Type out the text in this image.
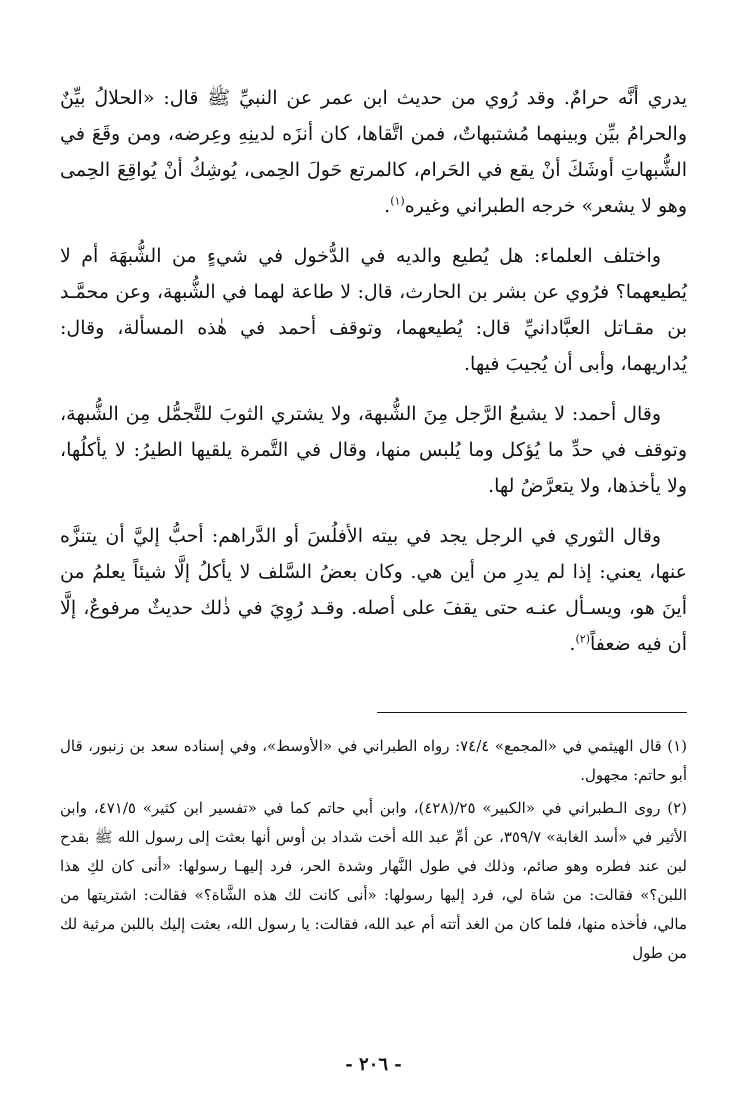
يدري أنَّه حرامٌ. وقد رُوي من حديث ابن عمر عن النبيِّ ﷺ قال: «الحلالُ بيِّنٌ والحرامُ بيِّن وبينهما مُشتبهاتٌ، فمن اتَّقاها، كان أنزَه لدينِهِ وعِرضه، ومن وقَعَ في الشُّبهاتِ أوشَكَ أنْ يقع في الحَرام، كالمرتع حَولَ الحِمى، يُوشِكُ أنْ يُواقِعَ الحِمى وهو لا يشعر» خرجه الطبراني وغيره$^{(١)}$.

واختلف العلماء: هل يُطيع والديه في الدُّخول في شيءٍ من الشُّبهَة أم لا يُطيعهما؟ فرُوي عن بشر بن الحارث، قال: لا طاعة لهما في الشُّبهة، وعن محمَّـد بن مقـاتل العبَّادانيِّ قال: يُطيعهما، وتوقف أحمد في هٰذه المسألة، وقال: يُداريهما، وأبى أن يُجيبَ فيها.

وقال أحمد: لا يشبعُ الرَّجل مِنَ الشُّبهة، ولا يشتري الثوبَ للتَّجمُّل مِن الشُّبهة، وتوقف في حدِّ ما يُؤكل وما يُلبس منها، وقال في التَّمرة يلقيها الطيرُ: لا يأكلُها، ولا يأخذها، ولا يتعرَّضُ لها.

وقال الثوري في الرجل يجد في بيته الأفلُسَ أو الدَّراهم: أحبُّ إليَّ أن يتنزَّه عنها، يعني: إذا لم يدرِ من أين هي. وكان بعضُ السَّلف لا يأكلُ إلَّا شيئاً يعلمُ من أينَ هو، ويسـأل عنـه حتى يقفَ على أصله. وقـد رُوِيَ في ذٰلك حديثٌ مرفوعٌ، إلَّا أن فيه ضعفاً$^{(٢)}$.

(١) قال الهيثمي في «المجمع» ٧٤/٤: رواه الطبراني في «الأوسط»، وفي إسناده سعد بن زنبور، قال أبو حاتم: مجهول.

(٢) روى الـطبراني في «الكبير» ٢٥/(٤٢٨)، وابن أبي حاتم كما في «تفسير ابن كثير» ٤٧١/٥، وابن الأثير في «أسد الغابة» ٣٥٩/٧، عن أمِّ عبد الله أخت شداد بن أوس أنها بعثت إلى رسول الله ﷺ بقدح لبن عند فطره وهو صائم، وذلك في طول النَّهار وشدة الحر، فرد إليهـا رسولها: «أنى كان لكِ هذا اللبن؟» فقالت: من شاة لي، فرد إليها رسولها: «أنى كانت لك هذه الشَّاة؟» فقالت: اشتريتها من مالي، فأخذه منها، فلما كان من الغد أتته أم عبد الله، فقالت: يا رسول الله، بعثت إليك باللبن مرثية لك من طول

- ٢٠٦ -
